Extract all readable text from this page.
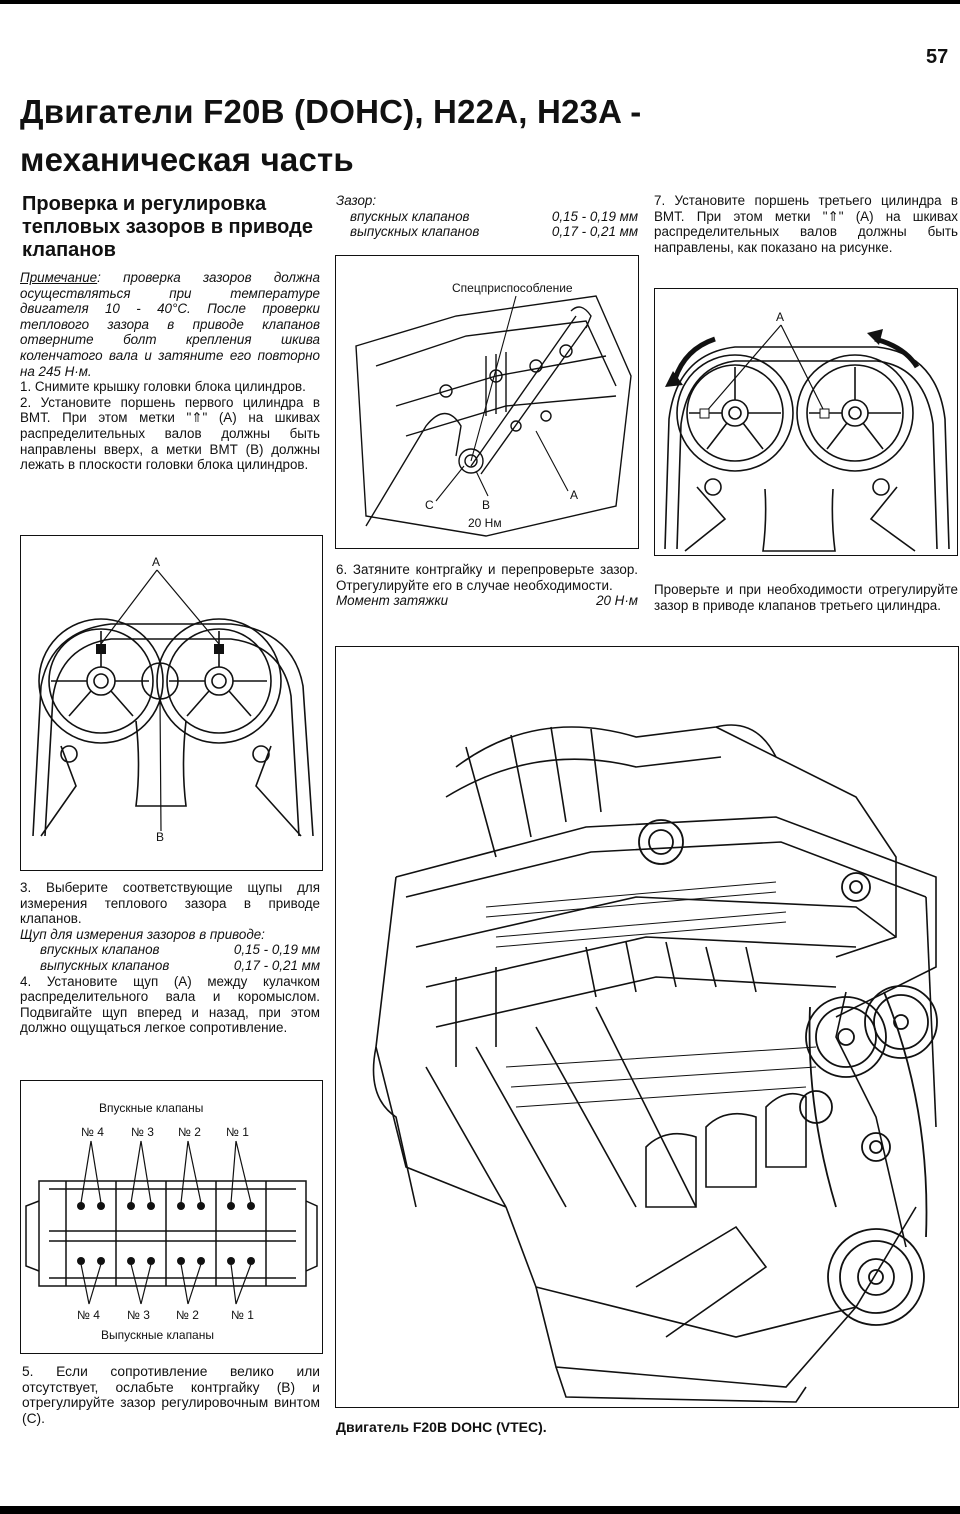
57
Двигатели F20B (DOHC), H22A, H23A -
механическая часть
Проверка и регулировка тепловых зазоров в приводе клапанов

Примечание: проверка зазоров должна осуществляться при температуре двигателя 10 - 40°C. После проверки теплового зазора в приводе клапанов отверните болт крепления шкива коленчатого вала и затяните его повторно на 245 Н·м.

1. Снимите крышку головки блока цилиндров.

2. Установите поршень первого цилиндра в ВМТ. При этом метки "⇑" (А) на шкивах распределительных валов должны быть направлены вверх, а метки ВМТ (В) должны лежать в плоскости головки блока цилиндров.

A
B

3. Выберите соответствующие щупы для измерения теплового зазора в приводе клапанов.

Щуп для измерения зазоров в приводе:

впускных клапанов	0,15 - 0,19 мм

выпускных клапанов	0,17 - 0,21 мм

4. Установите щуп (А) между кулачком распределительного вала и коромыслом. Подвигайте щуп вперед и назад, при этом должно ощущаться легкое сопротивление.

Впускные клапаны
№ 4 № 3 № 2 № 1
№ 4 № 3 № 2	№ 1
Выпускные клапаны

5. Если сопротивление велико или отсутствует, ослабьте контргайку (В) и отрегулируйте зазор регулировочным винтом (С).

Зазор:

впускных клапанов	0,15 - 0,19 мм

выпускных клапанов	0,17 - 0,21 мм

Спецприспособление
C	B
A
20 Нм

6. Затяните контргайку и перепроверьте зазор. Отрегулируйте его в случае необходимости.

Момент затяжки	20 Н·м

7. Установите поршень третьего цилиндра в ВМТ. При этом метки "⇑" (А) на шкивах распределительных валов должны быть направлены, как показано на рисунке.

A

Проверьте и при необходимости отрегулируйте зазор в приводе клапанов третьего цилиндра.

Двигатель F20B DOHC (VTEC).
